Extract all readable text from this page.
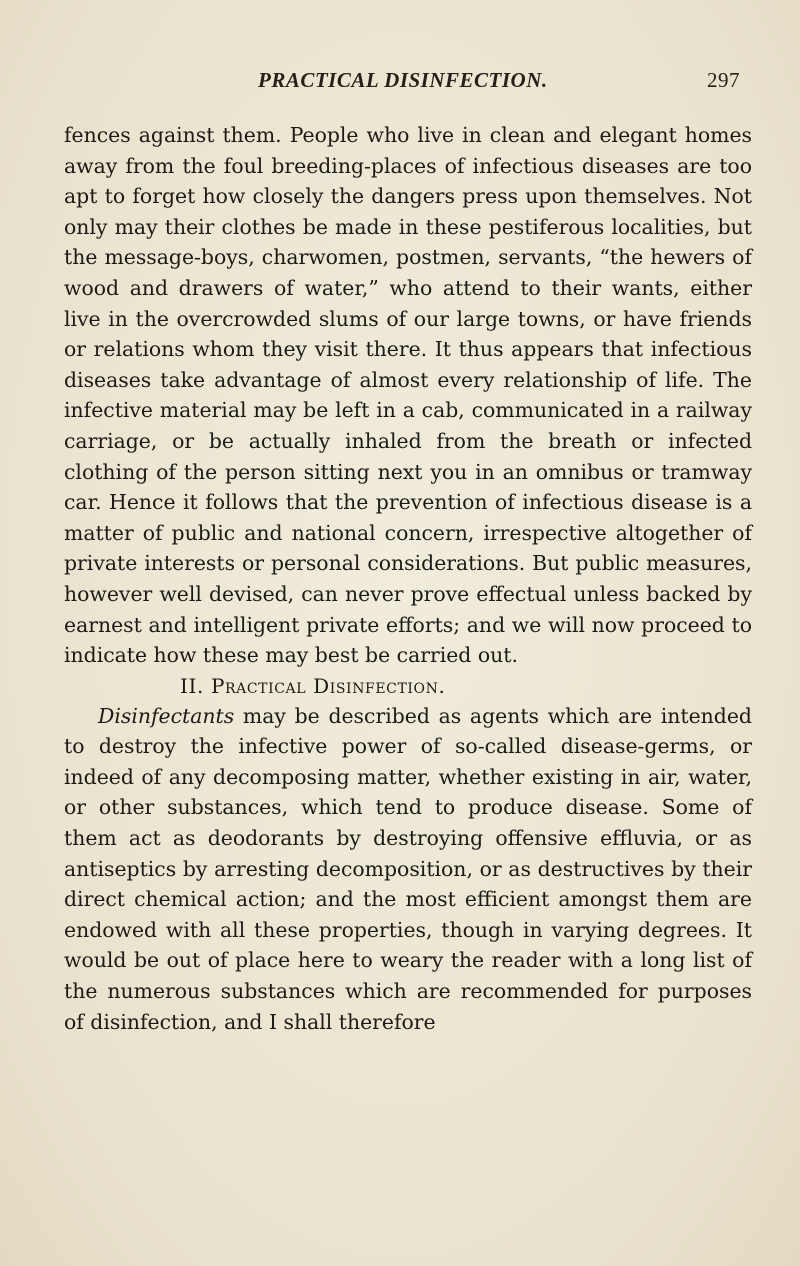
PRACTICAL DISINFECTION.	297

fences against them. People who live in clean and elegant homes away from the foul breeding-places of infectious diseases are too apt to forget how closely the dangers press upon themselves. Not only may their clothes be made in these pestiferous localities, but the message-boys, charwomen, postmen, servants, “the hewers of wood and drawers of water,” who attend to their wants, either live in the overcrowded slums of our large towns, or have friends or relations whom they visit there. It thus appears that infectious diseases take advantage of almost every relationship of life. The infective material may be left in a cab, communicated in a railway carriage, or be actually inhaled from the breath or infected clothing of the person sitting next you in an omnibus or tramway car. Hence it follows that the prevention of infectious disease is a matter of public and national concern, irrespective altogether of private interests or personal considerations. But public measures, however well devised, can never prove effectual unless backed by earnest and intelligent private efforts; and we will now proceed to indicate how these may best be carried out.

II. Practical Disinfection.

Disinfectants may be described as agents which are intended to destroy the infective power of so-called disease-germs, or indeed of any decomposing matter, whether existing in air, water, or other substances, which tend to produce disease. Some of them act as deodorants by destroying offensive effluvia, or as antiseptics by arresting decomposition, or as destructives by their direct chemical action; and the most efficient amongst them are endowed with all these properties, though in varying degrees. It would be out of place here to weary the reader with a long list of the numerous substances which are recommended for purposes of disinfection, and I shall therefore
